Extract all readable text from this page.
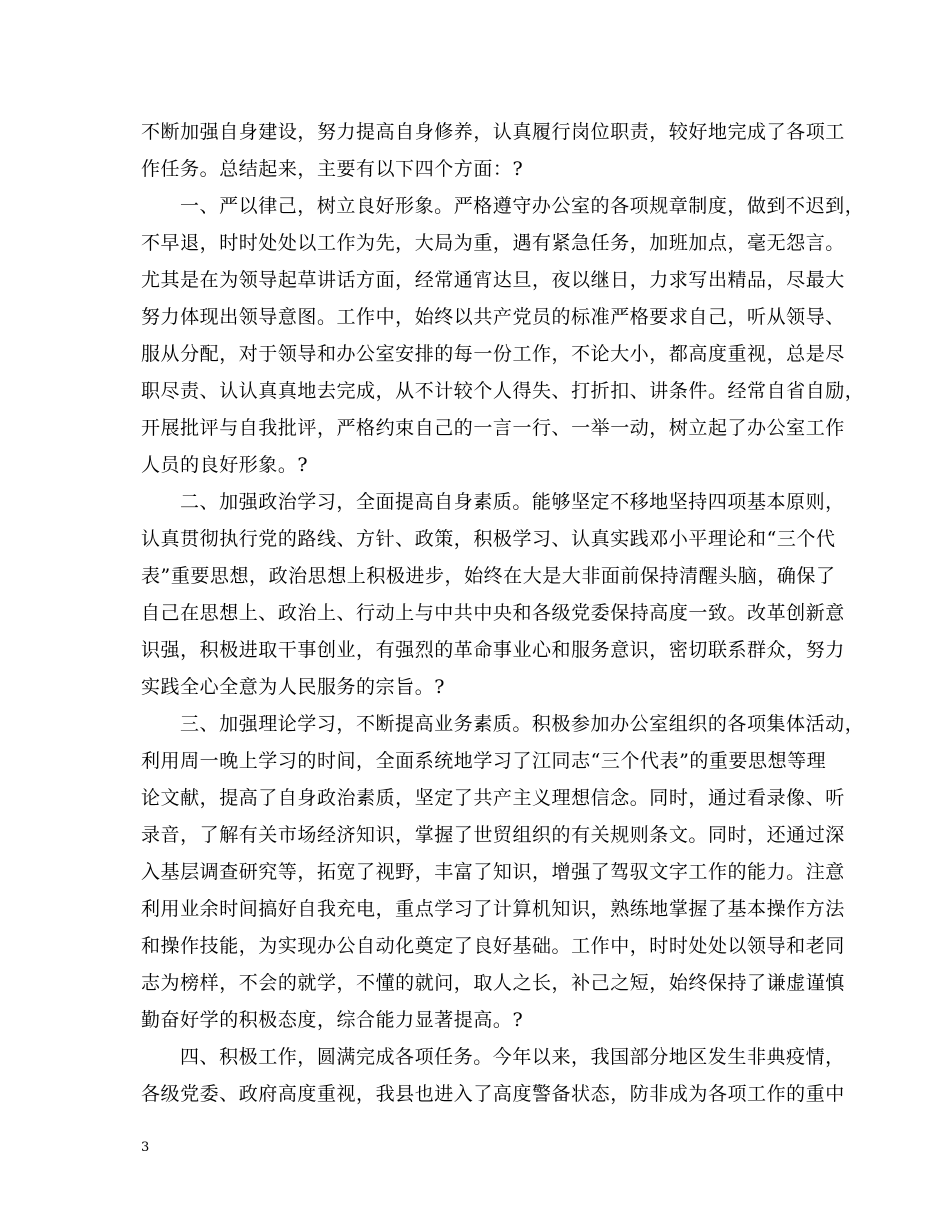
不断加强自身建设，努力提高自身修养，认真履行岗位职责，较好地完成了各项工
作任务。总结起来，主要有以下四个方面：?
一、严以律己，树立良好形象。严格遵守办公室的各项规章制度，做到不迟到，
不早退，时时处处以工作为先，大局为重，遇有紧急任务，加班加点，毫无怨言。
尤其是在为领导起草讲话方面，经常通宵达旦，夜以继日，力求写出精品，尽最大
努力体现出领导意图。工作中，始终以共产党员的标准严格要求自己，听从领导、
服从分配，对于领导和办公室安排的每一份工作，不论大小，都高度重视，总是尽
职尽责、认认真真地去完成，从不计较个人得失、打折扣、讲条件。经常自省自励，
开展批评与自我批评，严格约束自己的一言一行、一举一动，树立起了办公室工作
人员的良好形象。?
二、加强政治学习，全面提高自身素质。能够坚定不移地坚持四项基本原则，
认真贯彻执行党的路线、方针、政策，积极学习、认真实践邓小平理论和“三个代
表”重要思想，政治思想上积极进步，始终在大是大非面前保持清醒头脑，确保了
自己在思想上、政治上、行动上与中共中央和各级党委保持高度一致。改革创新意
识强，积极进取干事创业，有强烈的革命事业心和服务意识，密切联系群众，努力
实践全心全意为人民服务的宗旨。?
三、加强理论学习，不断提高业务素质。积极参加办公室组织的各项集体活动，
利用周一晚上学习的时间，全面系统地学习了江同志“三个代表”的重要思想等理
论文献，提高了自身政治素质，坚定了共产主义理想信念。同时，通过看录像、听
录音，了解有关市场经济知识，掌握了世贸组织的有关规则条文。同时，还通过深
入基层调查研究等，拓宽了视野，丰富了知识，增强了驾驭文字工作的能力。注意
利用业余时间搞好自我充电，重点学习了计算机知识，熟练地掌握了基本操作方法
和操作技能，为实现办公自动化奠定了良好基础。工作中，时时处处以领导和老同
志为榜样，不会的就学，不懂的就问，取人之长，补己之短，始终保持了谦虚谨慎
勤奋好学的积极态度，综合能力显著提高。?
四、积极工作，圆满完成各项任务。今年以来，我国部分地区发生非典疫情，
各级党委、政府高度重视，我县也进入了高度警备状态，防非成为各项工作的重中
3
